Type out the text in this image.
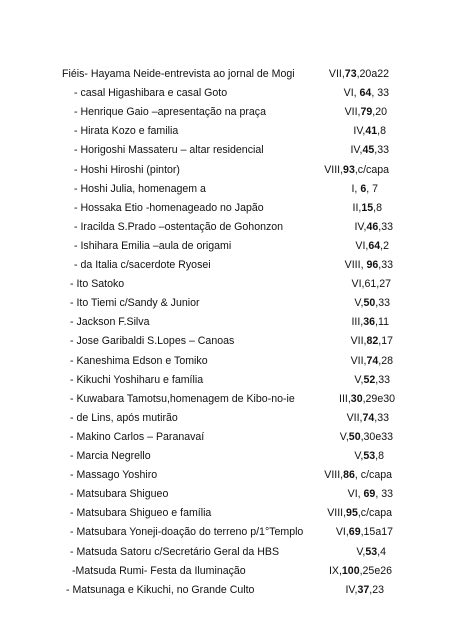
Fiéis- Hayama Neide-entrevista ao jornal de Mogi	VII,73,20a22
- casal Higashibara e casal Goto	VI, 64, 33
- Henrique Gaio –apresentação na praça	VII,79,20
- Hirata Kozo e familia	IV,41,8
- Horigoshi Massateru – altar residencial	IV,45,33
- Hoshi Hiroshi (pintor)	VIII,93,c/capa
- Hoshi Julia, homenagem a	I, 6, 7
- Hossaka Etio -homenageado no Japão	II,15,8
- Iracilda S.Prado –ostentação de Gohonzon	IV,46,33
- Ishihara Emilia –aula de origami	VI,64,2
- da Italia c/sacerdote Ryosei	VIII, 96,33
- Ito Satoko	VI,61,27
- Ito Tiemi c/Sandy & Junior	V,50,33
- Jackson F.Silva	III,36,11
- Jose Garibaldi S.Lopes – Canoas	VII,82,17
- Kaneshima Edson e Tomiko	VII,74,28
- Kikuchi Yoshiharu e família	V,52,33
- Kuwabara Tamotsu,homenagem de Kibo-no-ie	III,30,29e30
- de Lins, após mutirão	VII,74,33
- Makino Carlos – Paranavaí	V,50,30e33
- Marcia Negrello	V,53,8
- Massago Yoshiro	VIII,86, c/capa
- Matsubara Shigueo	VI, 69, 33
- Matsubara Shigueo e família	VIII,95,c/capa
- Matsubara Yoneji-doação do terreno p/1°Templo	VI,69,15a17
- Matsuda Satoru c/Secretário Geral da HBS	V,53,4
-Matsuda Rumi- Festa da Iluminação	IX,100,25e26
- Matsunaga e Kikuchi, no Grande Culto	IV,37,23
